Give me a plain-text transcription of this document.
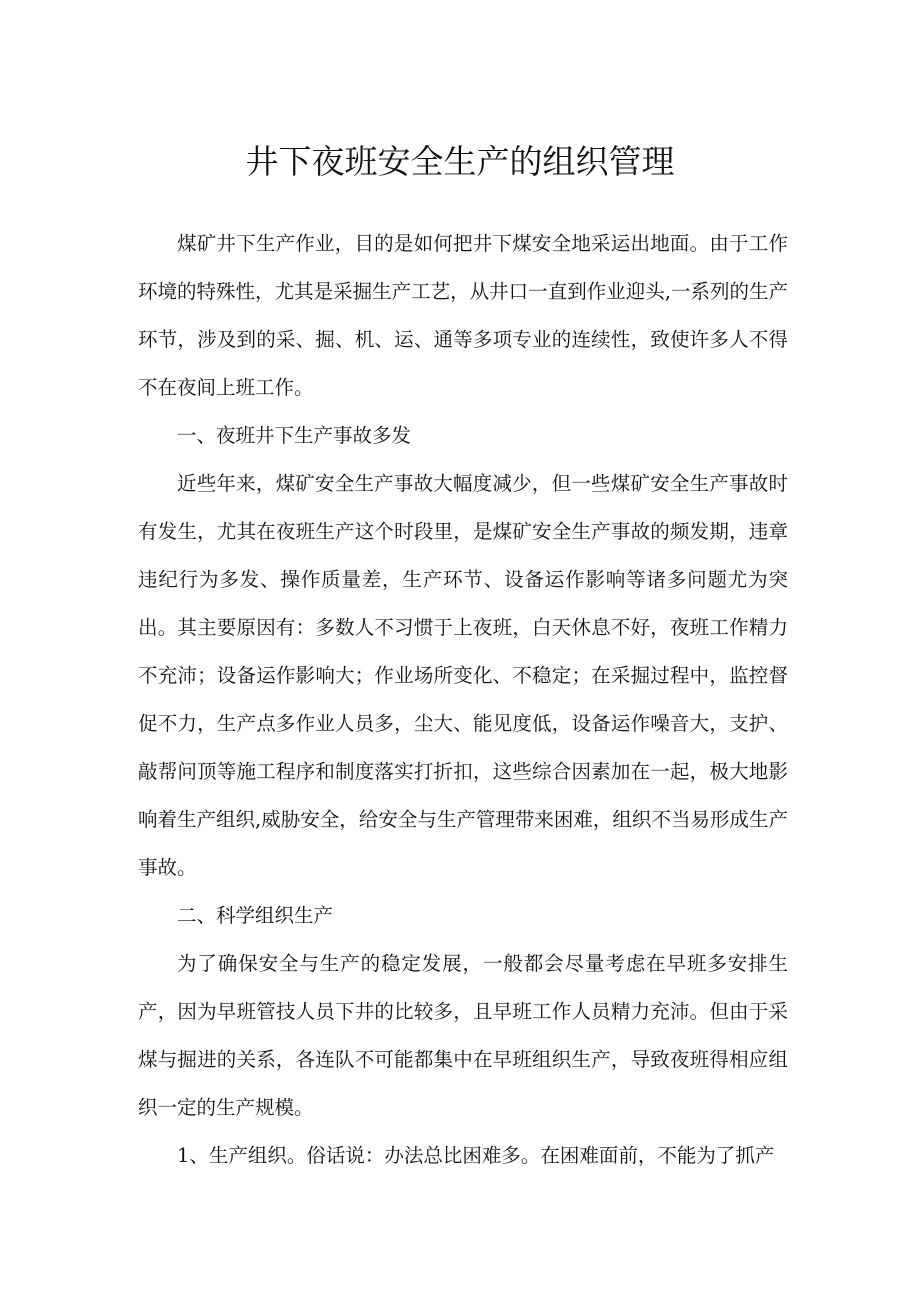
井下夜班安全生产的组织管理

煤矿井下生产作业，目的是如何把井下煤安全地采运出地面。由于工作环境的特殊性，尤其是采掘生产工艺，从井口一直到作业迎头,一系列的生产环节，涉及到的采、掘、机、运、通等多项专业的连续性，致使许多人不得不在夜间上班工作。

一、夜班井下生产事故多发

近些年来，煤矿安全生产事故大幅度减少，但一些煤矿安全生产事故时有发生，尤其在夜班生产这个时段里，是煤矿安全生产事故的频发期，违章违纪行为多发、操作质量差，生产环节、设备运作影响等诸多问题尤为突出。其主要原因有：多数人不习惯于上夜班，白天休息不好，夜班工作精力不充沛；设备运作影响大；作业场所变化、不稳定；在采掘过程中，监控督促不力，生产点多作业人员多，尘大、能见度低，设备运作噪音大，支护、敲帮问顶等施工程序和制度落实打折扣，这些综合因素加在一起，极大地影响着生产组织,威胁安全，给安全与生产管理带来困难，组织不当易形成生产事故。

二、科学组织生产

为了确保安全与生产的稳定发展，一般都会尽量考虑在早班多安排生产，因为早班管技人员下井的比较多，且早班工作人员精力充沛。但由于采煤与掘进的关系，各连队不可能都集中在早班组织生产，导致夜班得相应组织一定的生产规模。

1、生产组织。俗话说：办法总比困难多。在困难面前，不能为了抓产
